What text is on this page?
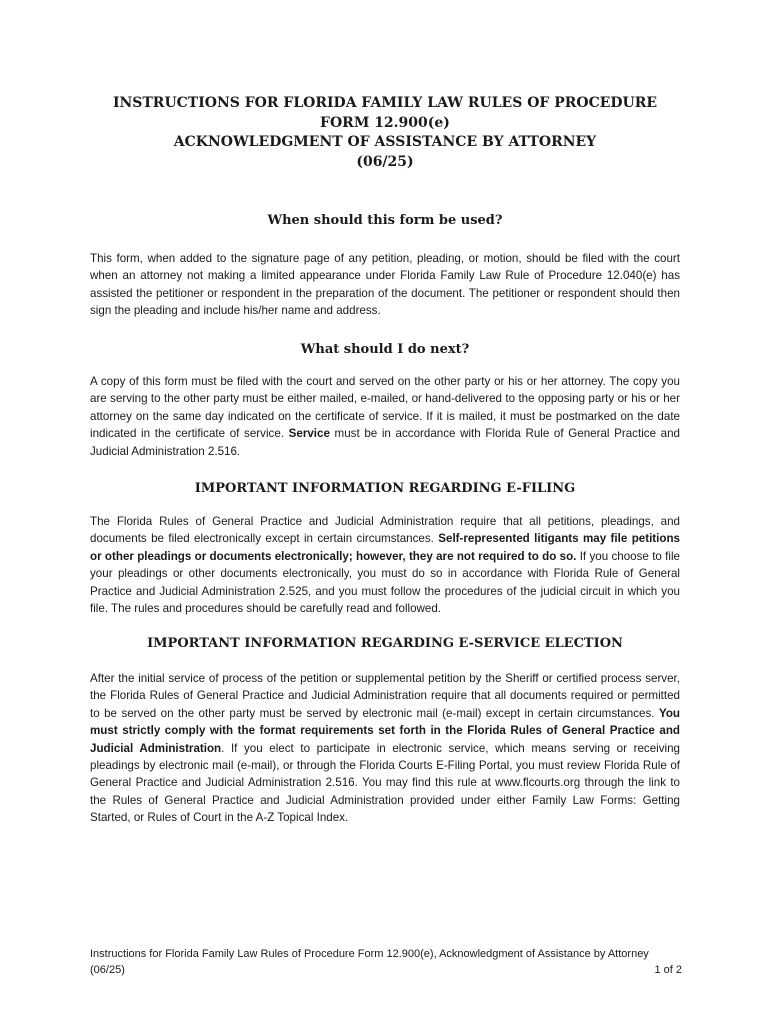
INSTRUCTIONS FOR FLORIDA FAMILY LAW RULES OF PROCEDURE
FORM 12.900(e)
ACKNOWLEDGMENT OF ASSISTANCE BY ATTORNEY
(06/25)
When should this form be used?

This form, when added to the signature page of any petition, pleading, or motion, should be filed with the court when an attorney not making a limited appearance under Florida Family Law Rule of Procedure 12.040(e) has assisted the petitioner or respondent in the preparation of the document. The petitioner or respondent should then sign the pleading and include his/her name and address.

What should I do next?

A copy of this form must be filed with the court and served on the other party or his or her attorney. The copy you are serving to the other party must be either mailed, e-mailed, or hand-delivered to the opposing party or his or her attorney on the same day indicated on the certificate of service. If it is mailed, it must be postmarked on the date indicated in the certificate of service. Service must be in accordance with Florida Rule of General Practice and Judicial Administration 2.516.

IMPORTANT INFORMATION REGARDING E-FILING

The Florida Rules of General Practice and Judicial Administration require that all petitions, pleadings, and documents be filed electronically except in certain circumstances. Self-represented litigants may file petitions or other pleadings or documents electronically; however, they are not required to do so. If you choose to file your pleadings or other documents electronically, you must do so in accordance with Florida Rule of General Practice and Judicial Administration 2.525, and you must follow the procedures of the judicial circuit in which you file. The rules and procedures should be carefully read and followed.

IMPORTANT INFORMATION REGARDING E-SERVICE ELECTION

After the initial service of process of the petition or supplemental petition by the Sheriff or certified process server, the Florida Rules of General Practice and Judicial Administration require that all documents required or permitted to be served on the other party must be served by electronic mail (e-mail) except in certain circumstances. You must strictly comply with the format requirements set forth in the Florida Rules of General Practice and Judicial Administration. If you elect to participate in electronic service, which means serving or receiving pleadings by electronic mail (e-mail), or through the Florida Courts E-Filing Portal, you must review Florida Rule of General Practice and Judicial Administration 2.516. You may find this rule at www.flcourts.org through the link to the Rules of General Practice and Judicial Administration provided under either Family Law Forms: Getting Started, or Rules of Court in the A-Z Topical Index.

Instructions for Florida Family Law Rules of Procedure Form 12.900(e), Acknowledgment of Assistance by Attorney
(06/25)	1 of 2
